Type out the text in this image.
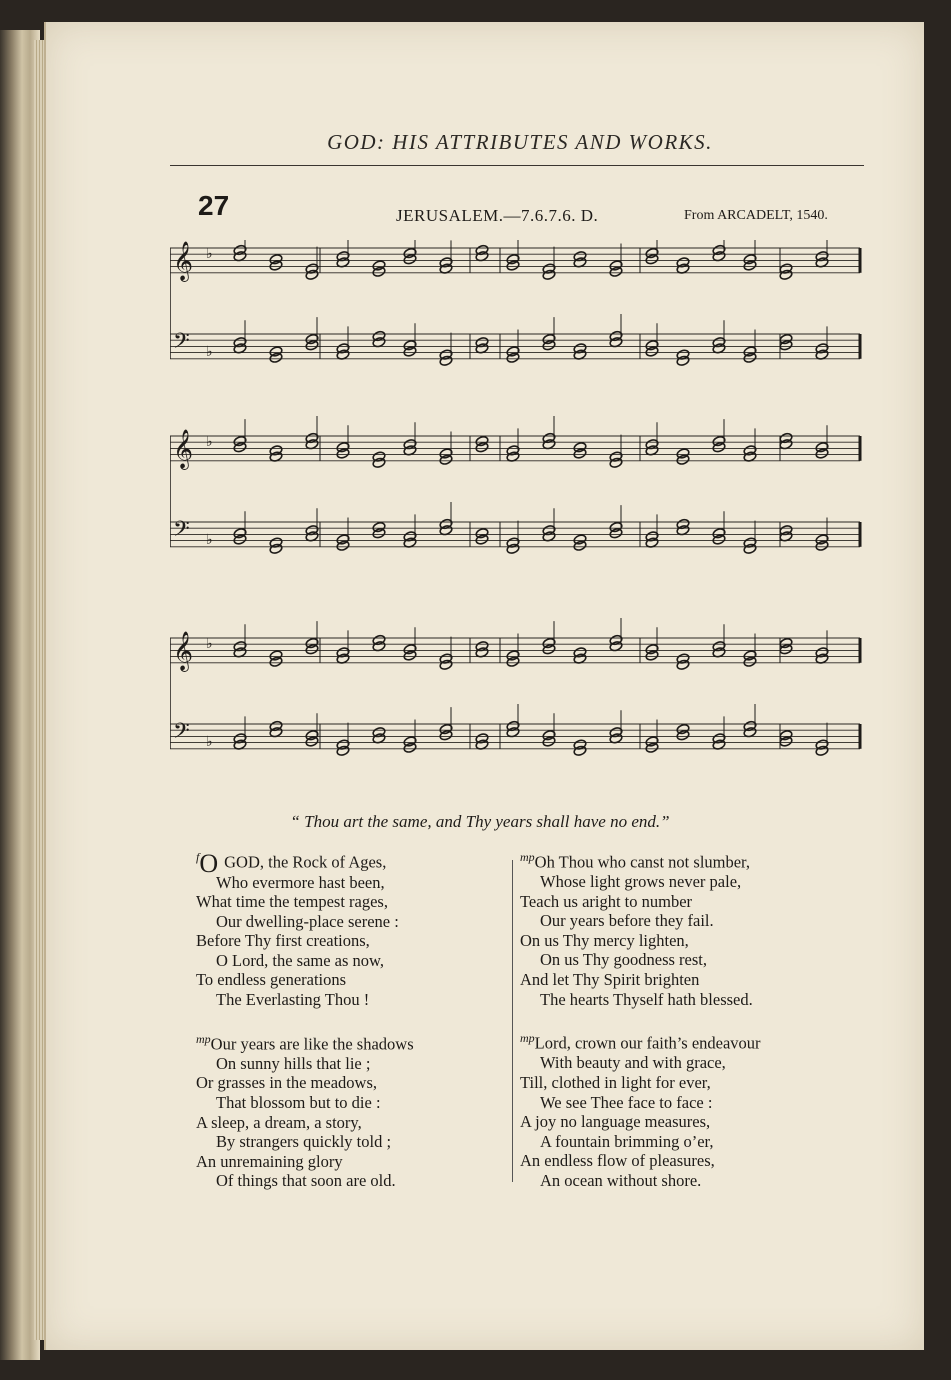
GOD: HIS ATTRIBUTES AND WORKS.
27	JERUSALEM.—7.6.7.6. D.	From ARCADELT, 1540.
𝄞 ♭
𝄢 ♭
𝄞 ♭
𝄢 ♭
𝄞 ♭
𝄢 ♭
“ Thou art the same, and Thy years shall have no end.”
$^f$O GOD, the Rock of Ages,
Who evermore hast been,
What time the tempest rages,
Our dwelling-place serene :
Before Thy first creations,
O Lord, the same as now,
To endless generations
The Everlasting Thou !
$^{mp}$Our years are like the shadows
On sunny hills that lie ;
Or grasses in the meadows,
That blossom but to die :
A sleep, a dream, a story,
By strangers quickly told ;
An unremaining glory
Of things that soon are old.
$^{mp}$Oh Thou who canst not slumber,
Whose light grows never pale,
Teach us aright to number
Our years before they fail.
On us Thy mercy lighten,
On us Thy goodness rest,
And let Thy Spirit brighten
The hearts Thyself hath blessed.
$^{mp}$Lord, crown our faith’s endeavour
With beauty and with grace,
Till, clothed in light for ever,
We see Thee face to face :
A joy no language measures,
A fountain brimming o’er,
An endless flow of pleasures,
An ocean without shore.
